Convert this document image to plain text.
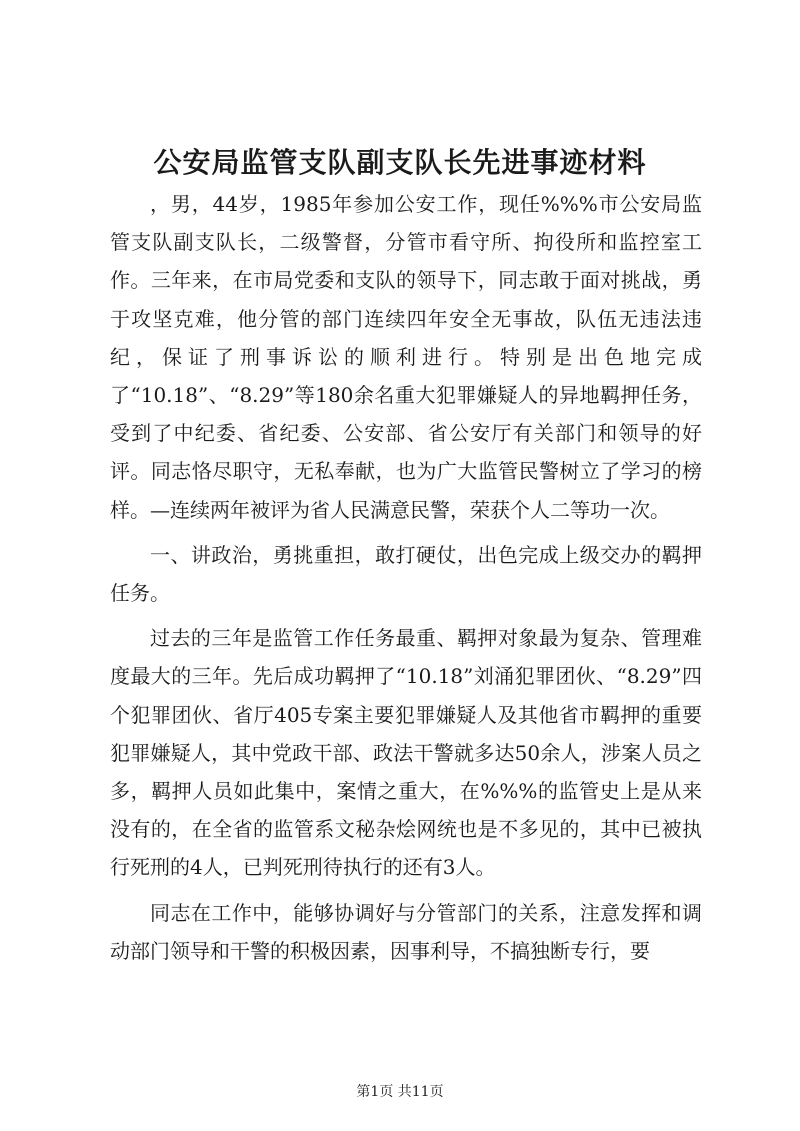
公安局监管支队副支队长先进事迹材料

，男，44岁，1985年参加公安工作，现任%%%市公安局监管支队副支队长，二级警督，分管市看守所、拘役所和监控室工作。三年来，在市局党委和支队的领导下，同志敢于面对挑战，勇于攻坚克难，他分管的部门连续四年安全无事故，队伍无违法违纪，保证了刑事诉讼的顺利进行。特别是出色地完成了“10.18”、“8.29”等180余名重大犯罪嫌疑人的异地羁押任务，受到了中纪委、省纪委、公安部、省公安厅有关部门和领导的好评。同志恪尽职守，无私奉献，也为广大监管民警树立了学习的榜样。—连续两年被评为省人民满意民警，荣获个人二等功一次。

一、讲政治，勇挑重担，敢打硬仗，出色完成上级交办的羁押任务。

过去的三年是监管工作任务最重、羁押对象最为复杂、管理难度最大的三年。先后成功羁押了“10.18”刘涌犯罪团伙、“8.29”四个犯罪团伙、省厅405专案主要犯罪嫌疑人及其他省市羁押的重要犯罪嫌疑人，其中党政干部、政法干警就多达50余人，涉案人员之多，羁押人员如此集中，案情之重大，在%%%的监管史上是从来没有的，在全省的监管系文秘杂烩网统也是不多见的，其中已被执行死刑的4人，已判死刑待执行的还有3人。

同志在工作中，能够协调好与分管部门的关系，注意发挥和调动部门领导和干警的积极因素，因事利导，不搞独断专行，要

第1页 共11页
